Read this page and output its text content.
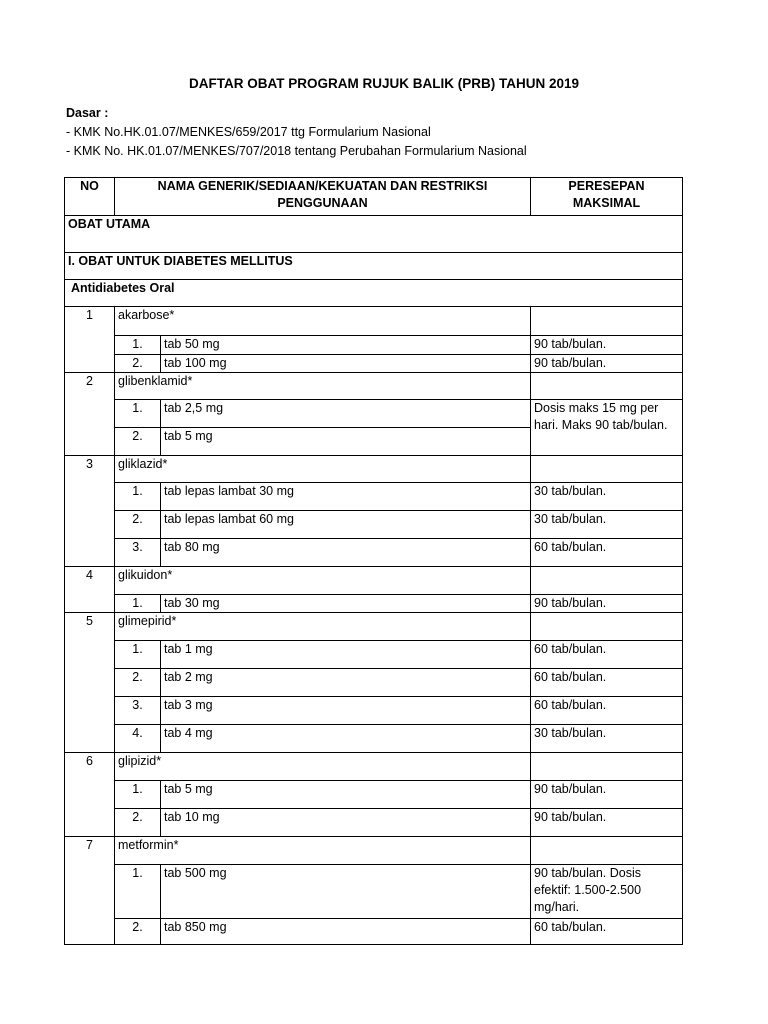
DAFTAR OBAT PROGRAM RUJUK BALIK (PRB) TAHUN 2019
Dasar :
- KMK No.HK.01.07/MENKES/659/2017 ttg Formularium Nasional
- KMK No. HK.01.07/MENKES/707/2018 tentang Perubahan Formularium Nasional
NO	NAMA GENERIK/SEDIAAN/KEKUATAN DAN RESTRIKSI PENGGUNAAN		PERESEPAN MAKSIMAL
OBAT UTAMA			
I. OBAT UNTUK DIABETES MELLITUS			
Antidiabetes Oral			
1	akarbose*		
	1.	tab 50 mg	90 tab/bulan.
	2.	tab 100 mg	90 tab/bulan.
2	glibenklamid*		
	1.	tab 2,5 mg	Dosis maks 15 mg per hari. Maks 90 tab/bulan.
	2.	tab 5 mg	
3	gliklazid*		
	1.	tab lepas lambat 30 mg	30 tab/bulan.
	2.	tab lepas lambat 60 mg	30 tab/bulan.
	3.	tab 80 mg	60 tab/bulan.
4	glikuidon*		
	1.	tab 30 mg	90 tab/bulan.
5	glimepirid*		
	1.	tab 1 mg	60 tab/bulan.
	2.	tab 2 mg	60 tab/bulan.
	3.	tab 3 mg	60 tab/bulan.
	4.	tab 4 mg	30 tab/bulan.
6	glipizid*		
	1.	tab 5 mg	90 tab/bulan.
	2.	tab 10 mg	90 tab/bulan.
7	metformin*		
	1.	tab 500 mg	90 tab/bulan. Dosis efektif: 1.500-2.500 mg/hari.
	2.	tab 850 mg	60 tab/bulan.
